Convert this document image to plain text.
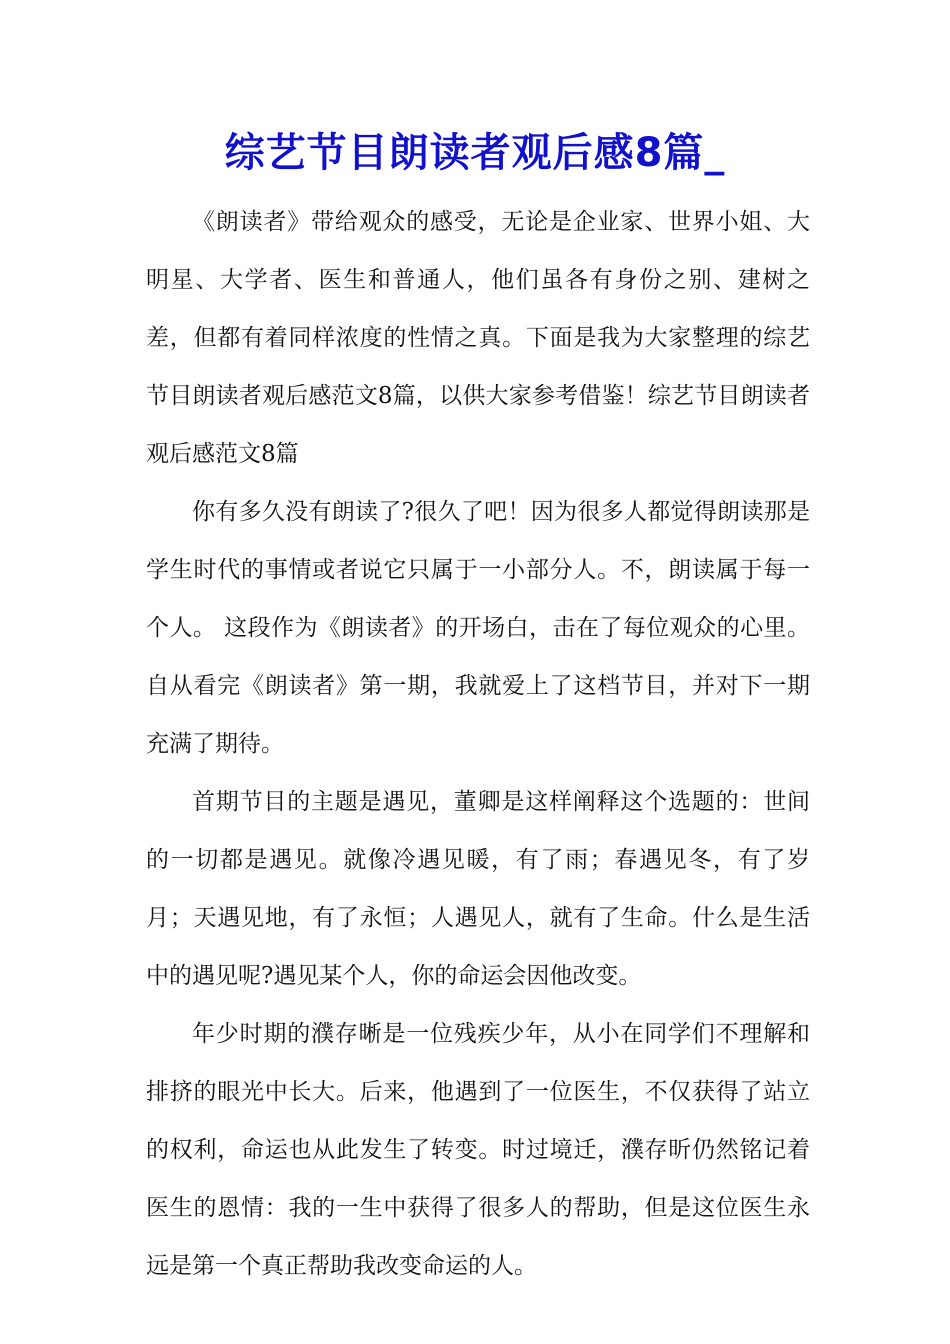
综艺节目朗读者观后感8篇_

《朗读者》带给观众的感受，无论是企业家、世界小姐、大明星、大学者、医生和普通人，他们虽各有身份之别、建树之差，但都有着同样浓度的性情之真。下面是我为大家整理的综艺节目朗读者观后感范文8篇，以供大家参考借鉴！综艺节目朗读者观后感范文8篇

你有多久没有朗读了?很久了吧！因为很多人都觉得朗读那是学生时代的事情或者说它只属于一小部分人。不，朗读属于每一个人。 这段作为《朗读者》的开场白，击在了每位观众的心里。自从看完《朗读者》第一期，我就爱上了这档节目，并对下一期充满了期待。

首期节目的主题是遇见，董卿是这样阐释这个选题的：世间的一切都是遇见。就像冷遇见暖，有了雨；春遇见冬，有了岁月；天遇见地，有了永恒；人遇见人，就有了生命。什么是生活中的遇见呢?遇见某个人，你的命运会因他改变。

年少时期的濮存晰是一位残疾少年，从小在同学们不理解和排挤的眼光中长大。后来，他遇到了一位医生，不仅获得了站立的权利，命运也从此发生了转变。时过境迁，濮存昕仍然铭记着医生的恩情：我的一生中获得了很多人的帮助，但是这位医生永远是第一个真正帮助我改变命运的人。
